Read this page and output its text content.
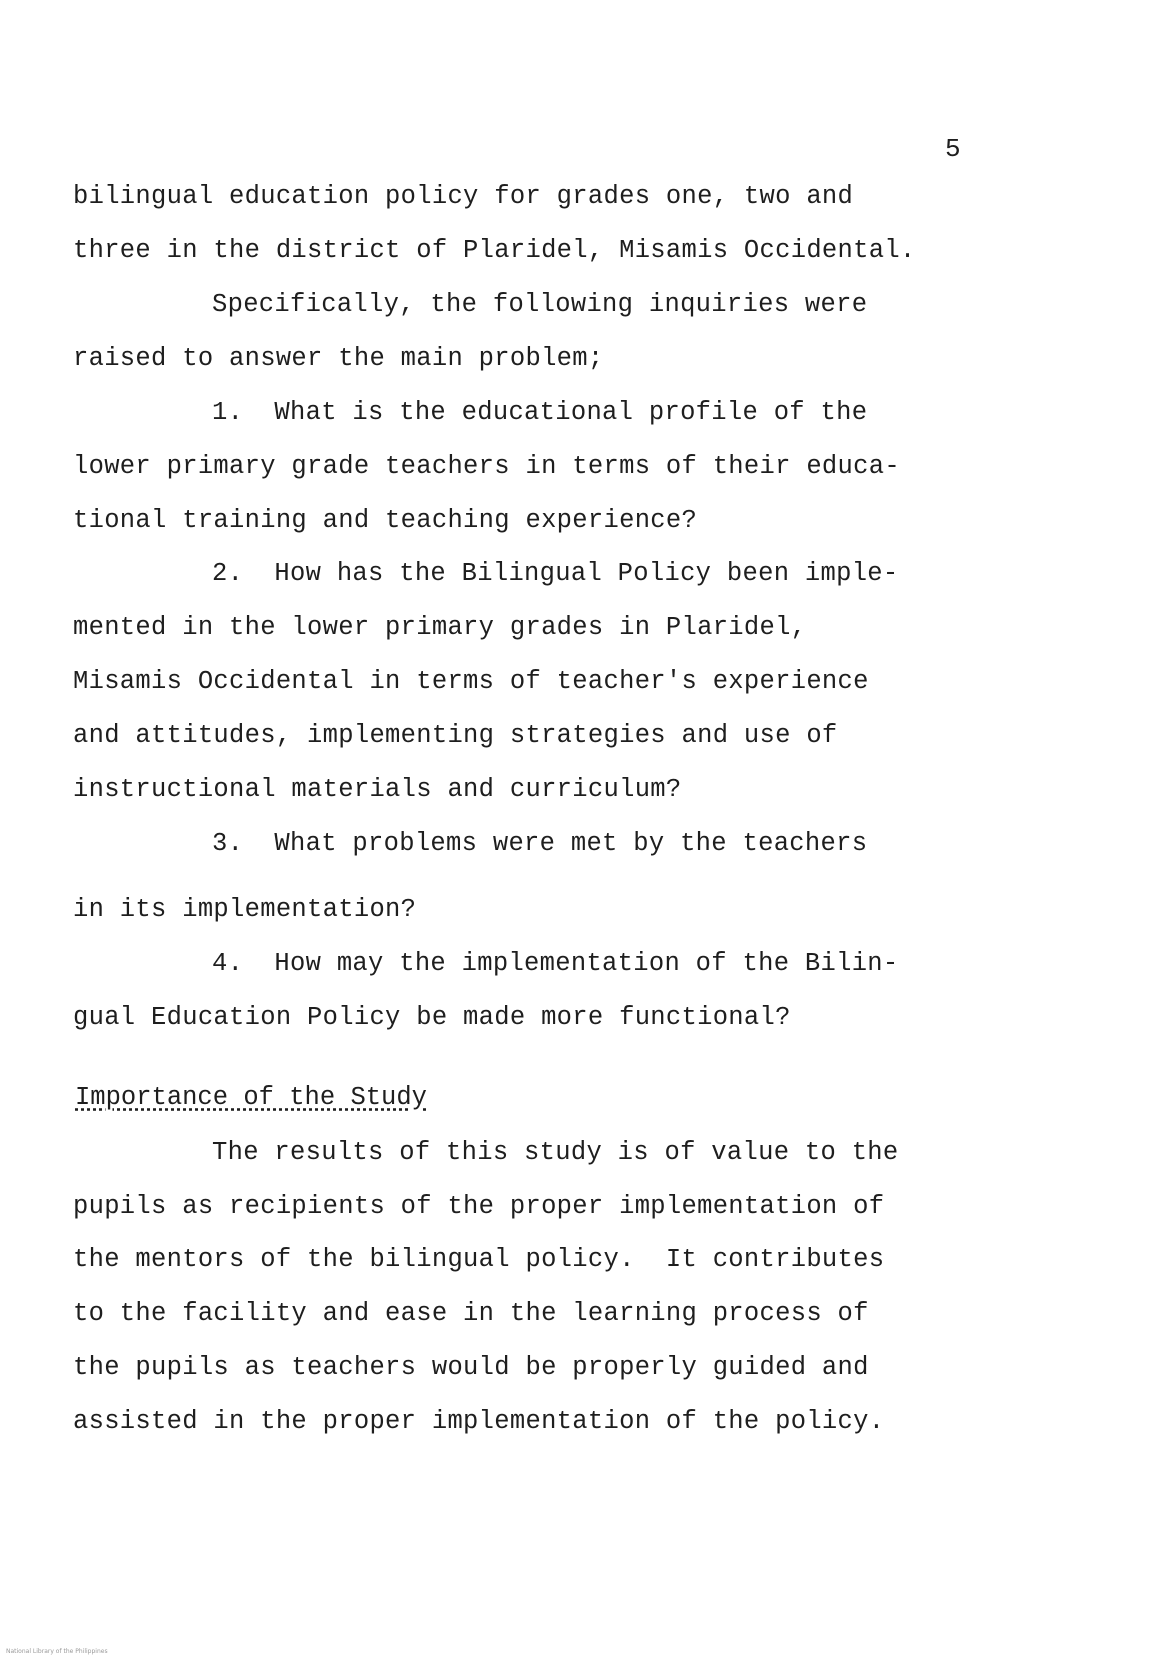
5
bilingual education policy for grades one, two and
three in the district of Plaridel, Misamis Occidental.
Specifically, the following inquiries were
raised to answer the main problem;
1.  What is the educational profile of the
lower primary grade teachers in terms of their educa-
tional training and teaching experience?
2.  How has the Bilingual Policy been imple-
mented in the lower primary grades in Plaridel,
Misamis Occidental in terms of teacher's experience
and attitudes, implementing strategies and use of
instructional materials and curriculum?
3.  What problems were met by the teachers
in its implementation?
4.  How may the implementation of the Bilin-
gual Education Policy be made more functional?
Importance of the Study
The results of this study is of value to the
pupils as recipients of the proper implementation of
the mentors of the bilingual policy.  It contributes
to the facility and ease in the learning process of
the pupils as teachers would be properly guided and
assisted in the proper implementation of the policy.
National Library of the Philippines
